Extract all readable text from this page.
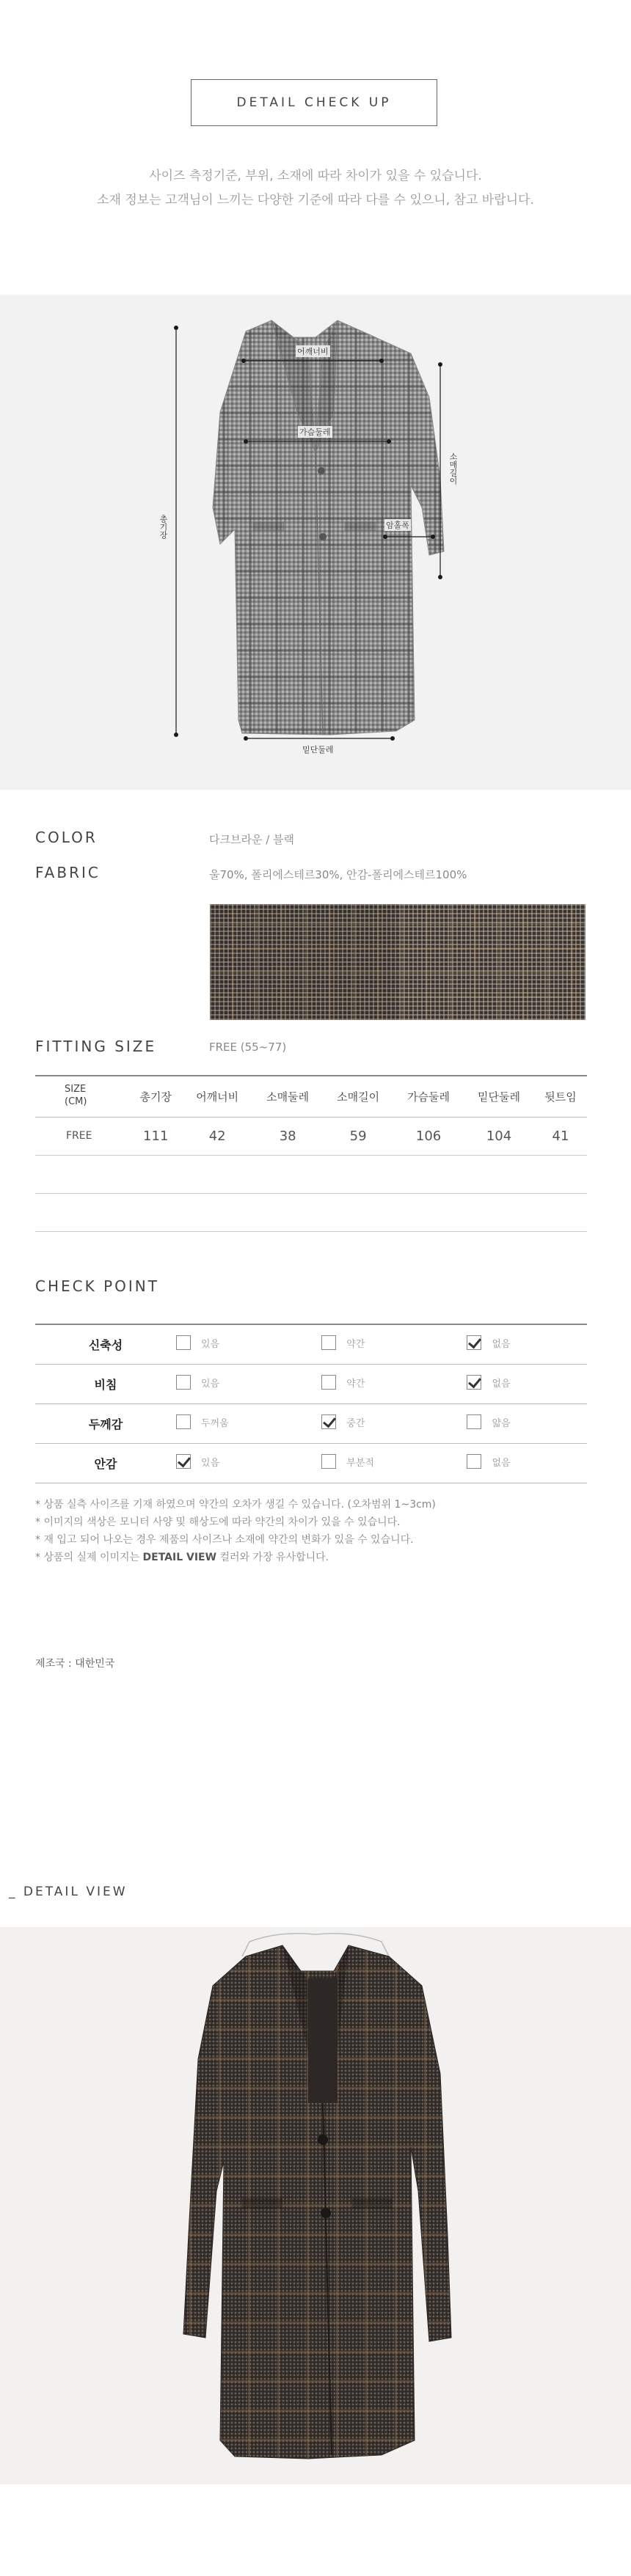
DETAIL CHECK UP
사이즈 측정기준, 부위, 소재에 따라 차이가 있을 수 있습니다.
소재 정보는 고객님이 느끼는 다양한 기준에 따라 다를 수 있으니, 참고 바랍니다.
어깨너비
가슴둘레
총기장
소매길이
암홀폭
밑단둘레
COLOR	다크브라운 / 블랙
FABRIC	울70%, 폴리에스테르30%, 안감-폴리에스테르100%
FITTING SIZE	FREE (55~77)
SIZE
(CM)	총기장	어깨너비	소매둘레	소매길이	가슴둘레	밑단둘레	뒷트임
FREE	111	42	38	59	106	104	41

CHECK POINT
신축성	있음	약간	없음

비침	있음	약간	없음

두께감	두꺼움	중간	얇음

안감	있음	부분적	없음
* 상품 실측 사이즈를 기재 하였으며 약간의 오차가 생길 수 있습니다. (오차범위 1~3cm)
* 이미지의 색상은 모니터 사양 및 해상도에 따라 약간의 차이가 있을 수 있습니다.
* 재 입고 되어 나오는 경우 제품의 사이즈나 소재에 약간의 변화가 있을 수 있습니다.
* 상품의 실제 이미지는 DETAIL VIEW 컬러와 가장 유사합니다.
제조국 : 대한민국
_ DETAIL VIEW
